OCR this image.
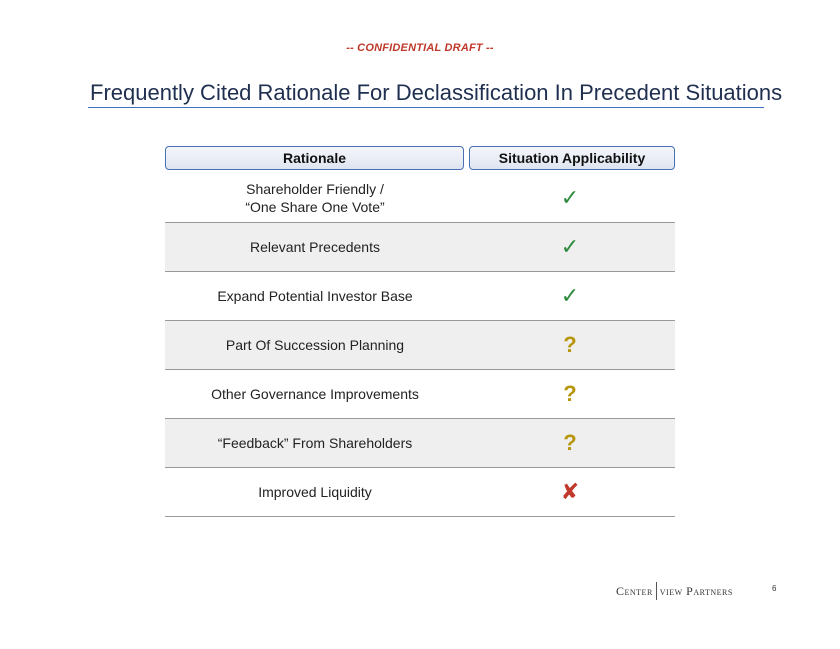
-- CONFIDENTIAL DRAFT --
Frequently Cited Rationale For Declassification In Precedent Situations
Rationale	Situation Applicability
Shareholder Friendly /
“One Share One Vote”	✓
Relevant Precedents	✓
Expand Potential Investor Base	✓
Part Of Succession Planning	?
Other Governance Improvements	?
“Feedback” From Shareholders	?
Improved Liquidity	✘
Center view Partners	6
